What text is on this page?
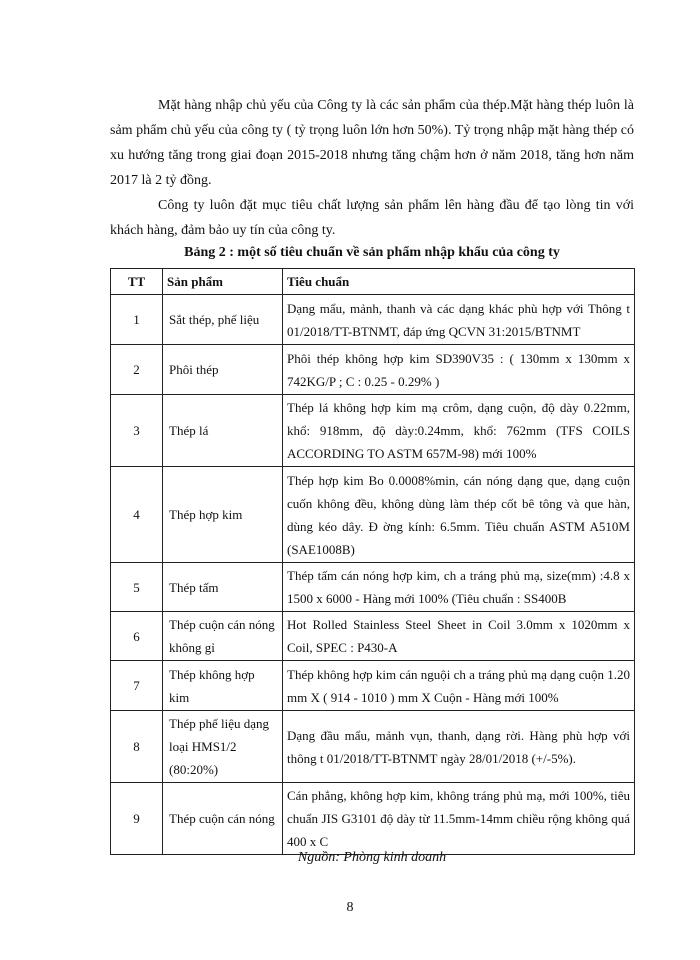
Mặt hàng nhập chủ yếu của Công ty là các sản phẩm của thép.Mặt hàng thép luôn là sảm phẩm chủ yếu của công ty ( tỷ trọng luôn lớn hơn 50%). Tỷ trọng nhập mặt hàng thép có xu hướng tăng trong giai đoạn 2015-2018 nhưng tăng chậm hơn ở năm 2018, tăng hơn năm 2017 là 2 tỷ đồng.

Công ty luôn đặt mục tiêu chất lượng sản phẩm lên hàng đầu để tạo lòng tin với khách hàng, đảm bảo uy tín của công ty.

Bảng 2 : một số tiêu chuẩn về sản phẩm nhập khẩu của công ty

TT	Sản phẩm	Tiêu chuẩn
1	Sắt thép, phế liệu	Dạng mẩu, mảnh, thanh và các dạng khác phù hợp với Thông t 01/2018/TT-BTNMT, đáp ứng QCVN 31:2015/BTNMT
2	Phôi thép	Phôi thép không hợp kim SD390V35 : ( 130mm x 130mm x 742KG/P ; C : 0.25 - 0.29% )
3	Thép lá	Thép lá không hợp kim mạ crôm, dạng cuộn, độ dày 0.22mm, khổ: 918mm, độ dày:0.24mm, khổ: 762mm (TFS COILS ACCORDING TO ASTM 657M-98) mới 100%
4	Thép hợp kim	Thép hợp kim Bo 0.0008%min, cán nóng dạng que, dạng cuộn cuốn không đều, không dùng làm thép cốt bê tông và que hàn, dùng kéo dây. Đ ờng kính: 6.5mm. Tiêu chuẩn ASTM A510M (SAE1008B)
5	Thép tấm	Thép tấm cán nóng hợp kim, ch a tráng phủ mạ, size(mm) :4.8 x 1500 x 6000 - Hàng mới 100% (Tiêu chuẩn : SS400B
6	Thép cuộn cán nóng không gỉ	Hot Rolled Stainless Steel Sheet in Coil 3.0mm x 1020mm x Coil, SPEC : P430-A
7	Thép không hợp kim	Thép không hợp kim cán nguội ch a tráng phủ mạ dạng cuộn 1.20 mm X ( 914 - 1010 ) mm X Cuộn - Hàng mới 100%
8	Thép phế liệu dạng loại HMS1/2 (80:20%)	Dạng đầu mẩu, mảnh vụn, thanh, dạng rời. Hàng phù hợp với thông t 01/2018/TT-BTNMT ngày 28/01/2018 (+/-5%).
9	Thép cuộn cán nóng	Cán phẳng, không hợp kim, không tráng phủ mạ, mới 100%, tiêu chuẩn JIS G3101 độ dày từ 11.5mm-14mm chiều rộng không quá 400 x C

Nguồn: Phòng kinh doanh

8
